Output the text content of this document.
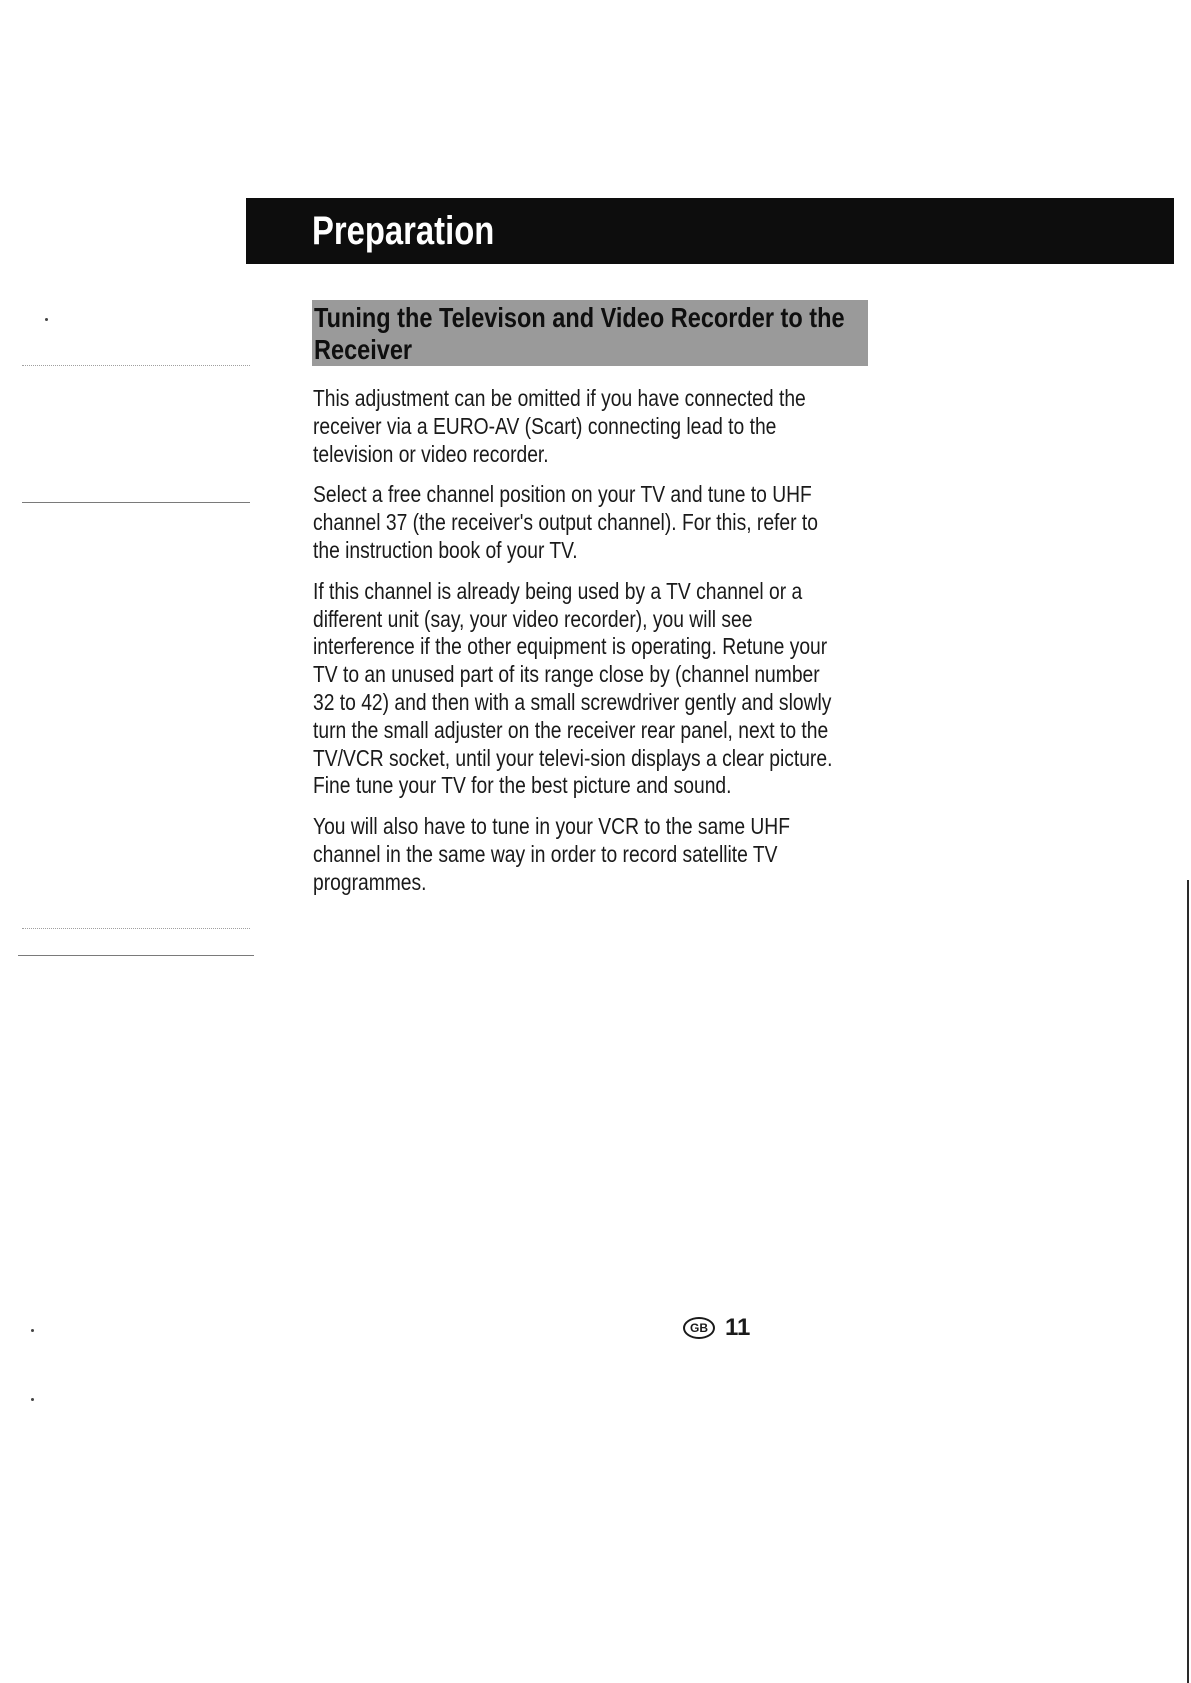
Preparation
Tuning the Televison and Video Recorder to the Receiver

This adjustment can be omitted if you have connected the receiver via a EURO-AV (Scart) connecting lead to the television or video recorder.

Select a free channel position on your TV and tune to UHF channel 37 (the receiver's output channel). For this, refer to the instruction book of your TV.

If this channel is already being used by a TV channel or a different unit (say, your video recorder), you will see interference if the other equipment is operating. Retune your TV to an unused part of its range close by (channel number 32 to 42) and then with a small screwdriver gently and slowly turn the small adjuster on the receiver rear panel, next to the TV/VCR socket, until your televi-sion displays a clear picture. Fine tune your TV for the best picture and sound.

You will also have to tune in your VCR to the same UHF channel in the same way in order to record satellite TV programmes.

GB 11
